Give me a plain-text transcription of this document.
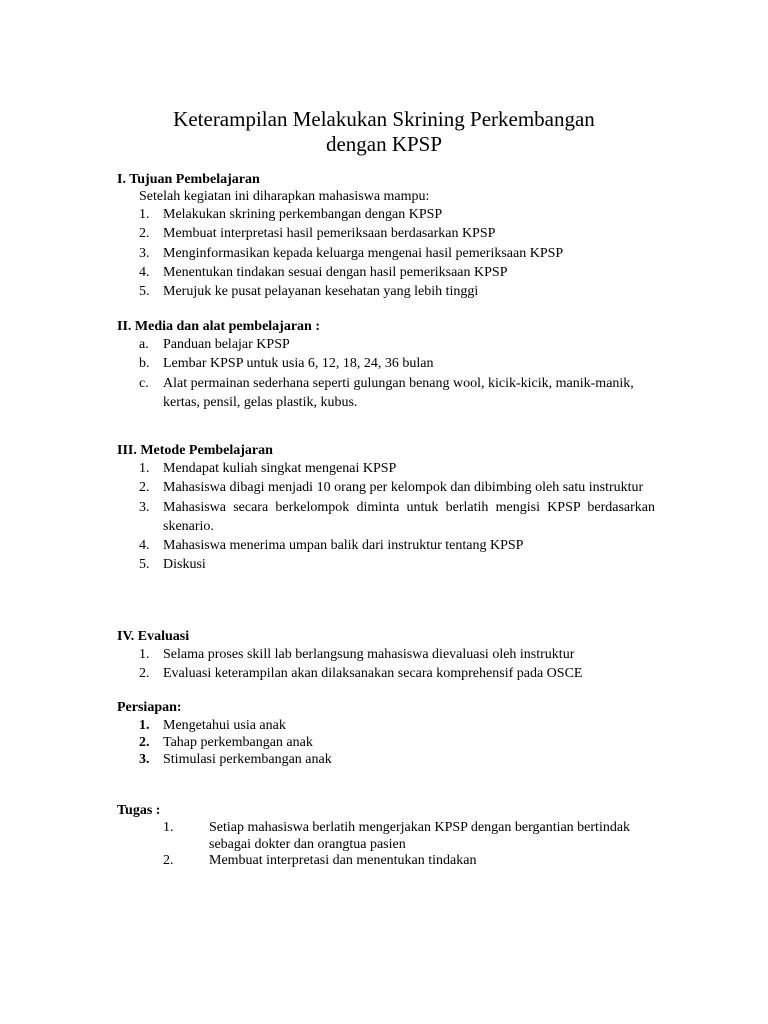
Keterampilan Melakukan Skrining Perkembangan
dengan KPSP
I. Tujuan Pembelajaran
Setelah kegiatan ini diharapkan mahasiswa mampu:
1. Melakukan skrining perkembangan dengan KPSP
2. Membuat interpretasi hasil pemeriksaan berdasarkan KPSP
3. Menginformasikan kepada keluarga mengenai hasil pemeriksaan KPSP
4. Menentukan tindakan sesuai dengan hasil pemeriksaan KPSP
5. Merujuk ke pusat pelayanan kesehatan yang lebih tinggi
II. Media dan alat pembelajaran :
a.	Panduan belajar KPSP
b. Lembar KPSP untuk usia 6, 12, 18, 24, 36 bulan
c.	Alat permainan sederhana seperti gulungan benang wool, kicik-kicik, manik-manik, kertas, pensil, gelas plastik, kubus.
III. Metode Pembelajaran
1. Mendapat kuliah singkat mengenai KPSP
2. Mahasiswa dibagi menjadi 10 orang per kelompok dan dibimbing oleh satu instruktur
3. Mahasiswa secara berkelompok diminta untuk berlatih mengisi KPSP berdasarkan skenario.
4. Mahasiswa menerima umpan balik dari instruktur tentang KPSP
5. Diskusi
IV. Evaluasi
1. Selama proses skill lab berlangsung mahasiswa dievaluasi oleh instruktur
2. Evaluasi keterampilan akan dilaksanakan secara komprehensif pada OSCE
Persiapan:
1. Mengetahui usia anak
2. Tahap perkembangan anak
3. Stimulasi perkembangan anak
Tugas :
1.	Setiap mahasiswa berlatih mengerjakan KPSP dengan bergantian bertindak sebagai dokter dan orangtua pasien
2.	Membuat interpretasi dan menentukan tindakan
